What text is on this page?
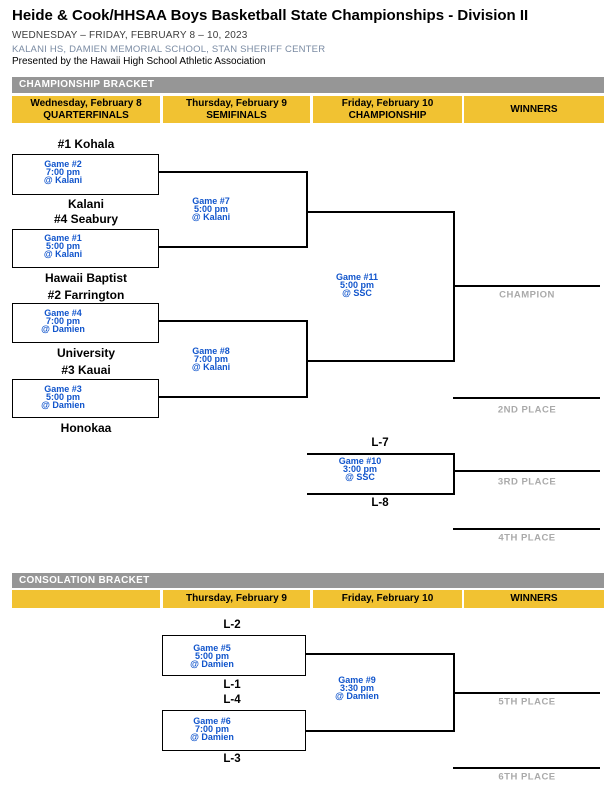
Heide & Cook/HHSAA Boys Basketball State Championships - Division II
WEDNESDAY – FRIDAY, FEBRUARY 8 – 10, 2023
KALANI HS, DAMIEN MEMORIAL SCHOOL, STAN SHERIFF CENTER
Presented by the Hawaii High School Athletic Association
CHAMPIONSHIP BRACKET
Wednesday, February 8
QUARTERFINALS
Thursday, February 9
SEMIFINALS
Friday, February 10
CHAMPIONSHIP
WINNERS
#1 Kohala
Kalani
#4 Seabury
Hawaii Baptist
#2 Farrington
University
#3 Kauai
Honokaa
Game #2
7:00 pm
@ Kalani
Game #1
5:00 pm
@ Kalani
Game #4
7:00 pm
@ Damien
Game #3
5:00 pm
@ Damien
Game #7
5:00 pm
@ Kalani
Game #8
7:00 pm
@ Kalani
Game #11
5:00 pm
@ SSC
Game #10
3:00 pm
@ SSC
L-7
L-8
CHAMPION
2ND PLACE
3RD PLACE
4TH PLACE
CONSOLATION BRACKET
Thursday, February 9	Friday, February 10	WINNERS
L-2
L-1
L-4
L-3
Game #5
5:00 pm
@ Damien
Game #6
7:00 pm
@ Damien
Game #9
3:30 pm
@ Damien
5TH PLACE
6TH PLACE
